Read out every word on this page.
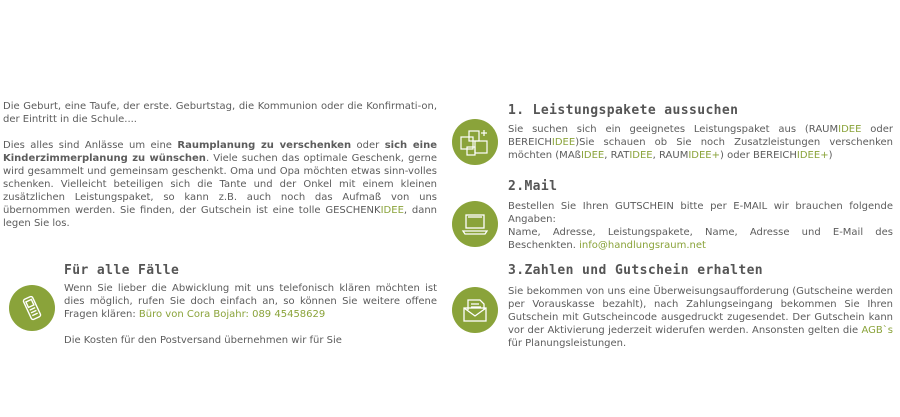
Die Geburt, eine Taufe, der erste. Geburtstag, die Kommunion oder die Konfirmati-on, der Eintritt in die Schule....

Dies alles sind Anlässe um eine Raumplanung zu verschenken oder sich eine Kinderzimmerplanung zu wünschen. Viele suchen das optimale Geschenk, gerne wird gesammelt und gemeinsam geschenkt. Oma und Opa möchten etwas sinn-volles schenken. Vielleicht beteiligen sich die Tante und der Onkel mit einem kleinen zusätzlichen Leistungspaket, so kann z.B. auch noch das Aufmaß von uns übernommen werden. Sie finden, der Gutschein ist eine tolle GESCHENKIDEE, dann legen Sie los.

Für alle Fälle

Wenn Sie lieber die Abwicklung mit uns telefonisch klären möchten ist dies möglich, rufen Sie doch einfach an, so können Sie weitere offene Fragen klären: Büro von Cora Bojahr: 089 45458629

Die Kosten für den Postversand übernehmen wir für Sie

1. Leistungspakete aussuchen

Sie suchen sich ein geeignetes Leistungspaket aus (RAUMIDEE oder BEREICHIDEE)Sie schauen ob Sie noch Zusatzleistungen verschenken möchten (MAßIDEE, RATIDEE, RAUMIDEE+) oder BEREICHIDEE+)

2.Mail

Bestellen Sie Ihren GUTSCHEIN bitte per E-MAIL wir brauchen folgende Angaben:

Name, Adresse, Leistungspakete, Name, Adresse und E-Mail des Beschenkten. info@handlungsraum.net

3.Zahlen und Gutschein erhalten

Sie bekommen von uns eine Überweisungsaufforderung (Gutscheine werden per Vorauskasse bezahlt), nach Zahlungseingang bekommen Sie Ihren Gutschein mit Gutscheincode ausgedruckt zugesendet. Der Gutschein kann vor der Aktivierung jederzeit widerufen werden. Ansonsten gelten die AGB`s für Planungsleistungen.
